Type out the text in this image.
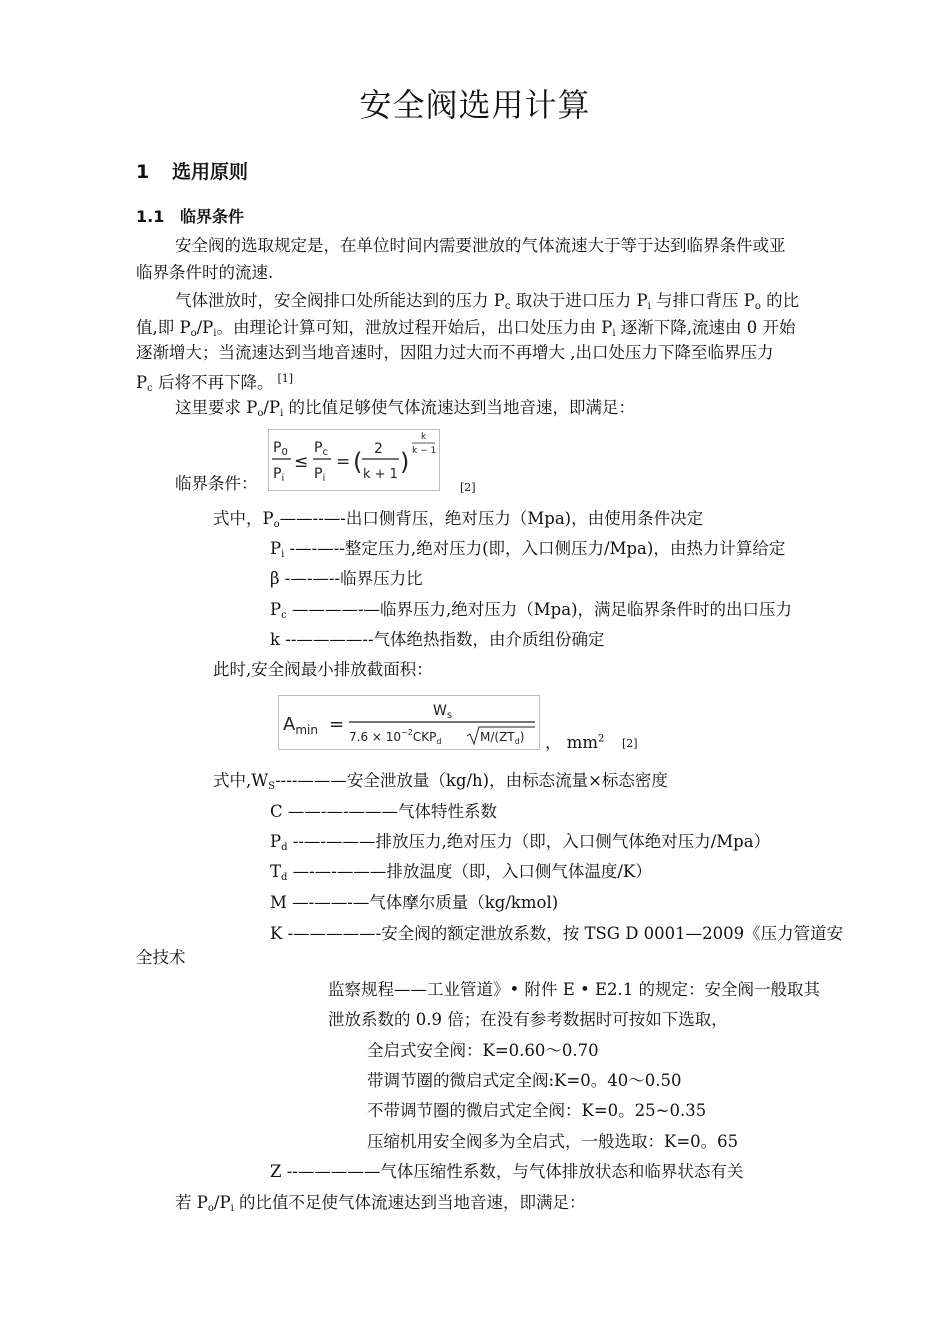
安全阀选用计算
1 选用原则
1.1 临界条件
安全阀的选取规定是，在单位时间内需要泄放的气体流速大于等于达到临界条件或亚
临界条件时的流速.
气体泄放时，安全阀排口处所能达到的压力 $P_c$ 取决于进口压力 $P_i$ 与排口背压 $P_o$ 的比
值,即 $P_o/P_i$。由理论计算可知，泄放过程开始后，出口处压力由 $P_i$ 逐渐下降,流速由 0 开始
逐渐增大；当流速达到当地音速时，因阻力过大而不再增大 ,出口处压力下降至临界压力
$P_c$ 后将不再下降。 [1]
这里要求 $P_o/P_i$ 的比值足够使气体流速达到当地音速，即满足：
临界条件：
$P_0$
$P_i$
≤
$P_c$
$P_i$
= ( 2
k + 1 )
k
k − 1
[2]
式中，$P_o——--—-$出口侧背压，绝对压力（Mpa)，由使用条件决定
$P_i$ -—-—--整定压力,绝对压力(即，入口侧压力/Mpa)，由热力计算给定
β -—-—--临界压力比
$P_c$ ————-—临界压力,绝对压力（Mpa)，满足临界条件时的出口压力
k --————--气体绝热指数，由介质组份确定
此时,安全阀最小排放截面积：
$A_{min}$ =
$W_s$
$7.6 \times 10^{-2}CKP_d$	$M/(ZT_d)$ ， $mm^2$ [2]
式中$,W_S----———$安全泄放量（kg/h)，由标态流量×标态密度
C ——-—-———气体特性系数
$P_d$ --—-———排放压力,绝对压力（即，入口侧气体绝对压力/Mpa）
$T_d$ —-—-———排放温度（即，入口侧气体温度/K）
M —-——-—气体摩尔质量（kg/kmol)
K -—————-安全阀的额定泄放系数，按 TSG D 0001—2009《压力管道安
全技术
监察规程——工业管道》• 附件 E • E2.1 的规定：安全阀一般取其
泄放系数的 0.9 倍；在没有参考数据时可按如下选取，
全启式安全阀：K=0.60～0.70
带调节圈的微启式定全阀:K=0。40～0.50
不带调节圈的微启式定全阀：K=0。25~0.35
压缩机用安全阀多为全启式，一般选取：K=0。65
Z --—————气体压缩性系数，与气体排放状态和临界状态有关
若 $P_o/P_i$ 的比值不足使气体流速达到当地音速，即满足：
